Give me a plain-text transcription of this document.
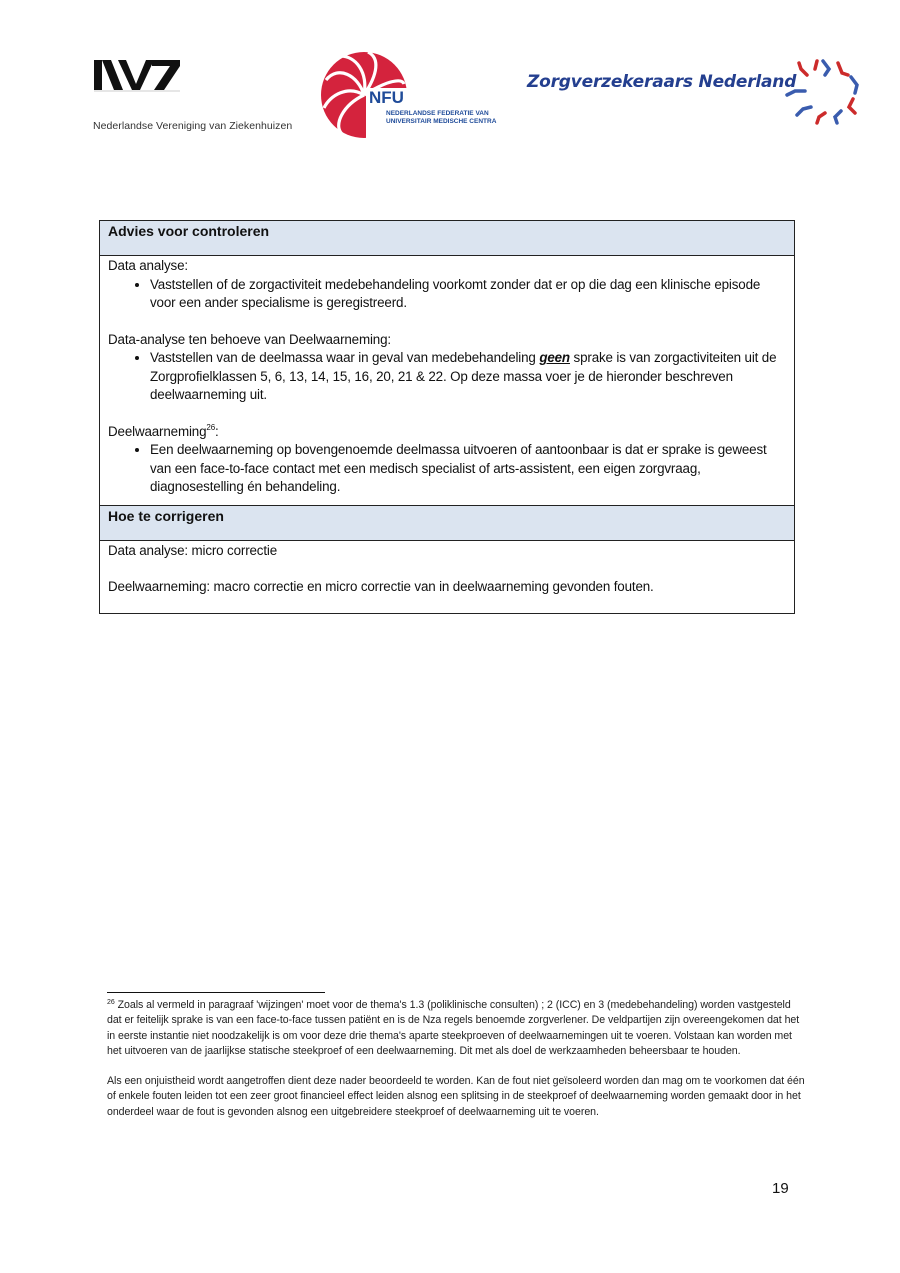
Nederlandse Vereniging van Ziekenhuizen
NFU
NEDERLANDSE FEDERATIE VAN
UNIVERSITAIR MEDISCHE CENTRA
Zorgverzekeraars Nederland
Advies voor controleren

Data analyse:

• Vaststellen of de zorgactiviteit medebehandeling voorkomt zonder dat er op die dag een klinische episode voor een ander specialisme is geregistreerd.

Data-analyse ten behoeve van Deelwaarneming:

• Vaststellen van de deelmassa waar in geval van medebehandeling geen sprake is van zorgactiviteiten uit de Zorgprofielklassen 5, 6, 13, 14, 15, 16, 20, 21 & 22. Op deze massa voer je de hieronder beschreven deelwaarneming uit.

Deelwaarneming$^{26}$:

• Een deelwaarneming op bovengenoemde deelmassa uitvoeren of aantoonbaar is dat er sprake is geweest van een face-to-face contact met een medisch specialist of arts-assistent, een eigen zorgvraag, diagnosestelling én behandeling.
Hoe te corrigeren

Data analyse: micro correctie

Deelwaarneming: macro correctie en micro correctie van in deelwaarneming gevonden fouten.

$^{26}$ Zoals al vermeld in paragraaf 'wijzingen' moet voor de thema's 1.3 (poliklinische consulten) ; 2 (ICC) en 3 (medebehandeling) worden vastgesteld dat er feitelijk sprake is van een face-to-face tussen patiënt en is de Nza regels benoemde zorgverlener. De veldpartijen zijn overeengekomen dat het in eerste instantie niet noodzakelijk is om voor deze drie thema's aparte steekproeven of deelwaarnemingen uit te voeren. Volstaan kan worden met het uitvoeren van de jaarlijkse statische steekproef of een deelwaarneming. Dit met als doel de werkzaamheden beheersbaar te houden.

Als een onjuistheid wordt aangetroffen dient deze nader beoordeeld te worden. Kan de fout niet geïsoleerd worden dan mag om te voorkomen dat één of enkele fouten leiden tot een zeer groot financieel effect leiden alsnog een splitsing in de steekproef of deelwaarneming worden gemaakt door in het onderdeel waar de fout is gevonden alsnog een uitgebreidere steekproef of deelwaarneming uit te voeren.

19
